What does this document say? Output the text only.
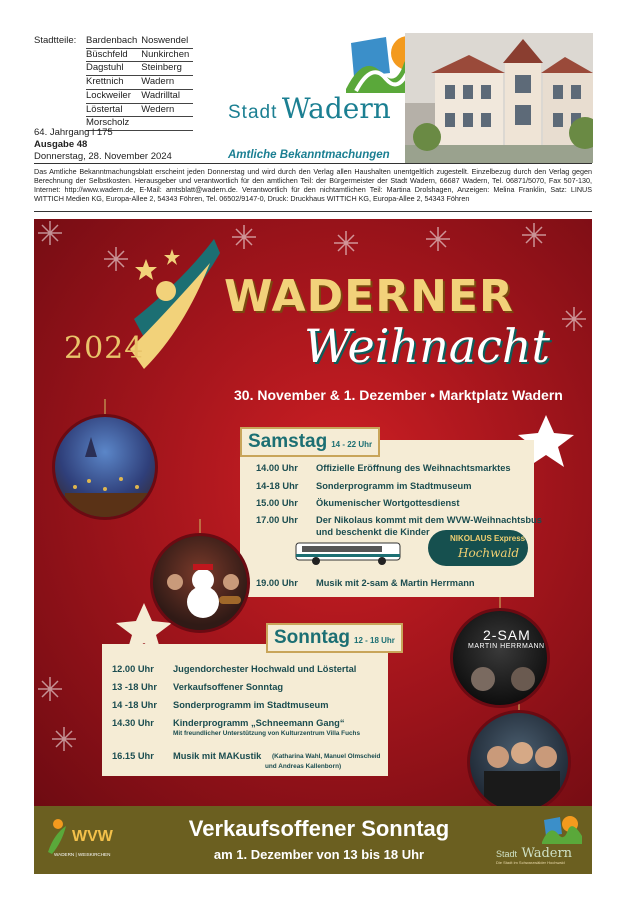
Stadtteile:	Bardenbach	Noswendel
Büschfeld	Nunkirchen
Dagstuhl	Steinberg
Krettnich	Wadern
Lockweiler	Wadrilltal
Löstertal	Wedern
Morscholz	
64. Jahrgang l 175
Ausgabe 48
Donnerstag, 28. November 2024
Stadt Wadern
Amtliche Bekanntmachungen
Das Amtliche Bekanntmachungsblatt erscheint jeden Donnerstag und wird durch den Verlag allen Haushalten unentgeltlich zugestellt. Einzelbezug durch den Verlag gegen Berechnung der Selbstkosten. Herausgeber und verantwortlich für den amtlichen Teil: der Bürgermeister der Stadt Wadern, 66687 Wadern, Tel. 06871/5070, Fax 507-130, Internet: http://www.wadern.de, E-Mail: amtsblatt@wadern.de. Verantwortlich für den nichtamtlichen Teil: Martina Drolshagen, Anzeigen: Melina Franklin, Satz: LINUS WITTICH Medien KG, Europa-Allee 2, 54343 Föhren, Tel. 06502/9147-0, Druck: Druckhaus WITTICH KG, Europa-Allee 2, 54343 Föhren
2024
WADERNER
Weihnacht
30. November & 1. Dezember • Marktplatz Wadern
Samstag 14 - 22 Uhr
14.00 Uhr Offizielle Eröffnung des Weihnachtsmarktes
14-18 Uhr Sonderprogramm im Stadtmuseum
15.00 Uhr Ökumenischer Wortgottesdienst
17.00 Uhr Der Nikolaus kommt mit dem WVW-Weihnachtsbus
und beschenkt die Kinder
NIKOLAUS Express
Hochwald
19.00 Uhr Musik mit 2-sam & Martin Herrmann
Sonntag 12 - 18 Uhr
12.00 Uhr Jugendorchester Hochwald und Löstertal
13 -18 Uhr Verkaufsoffener Sonntag
14 -18 Uhr Sonderprogramm im Stadtmuseum
14.30 Uhr Kinderprogramm „Schneemann Gang“
Mit freundlicher Unterstützung von Kulturzentrum Villa Fuchs
16.15 Uhr Musik mit MAKustik (Katharina Wahl, Manuel Olmscheid
und Andreas Kallenborn)
2-SAM
MARTIN HERRMANN
WVW
WADERN | WEISKIRCHEN
Verkaufsoffener Sonntag
am 1. Dezember von 13 bis 18 Uhr	Stadt Wadern
Die Stadt im Schwarzwälder Hochwald
